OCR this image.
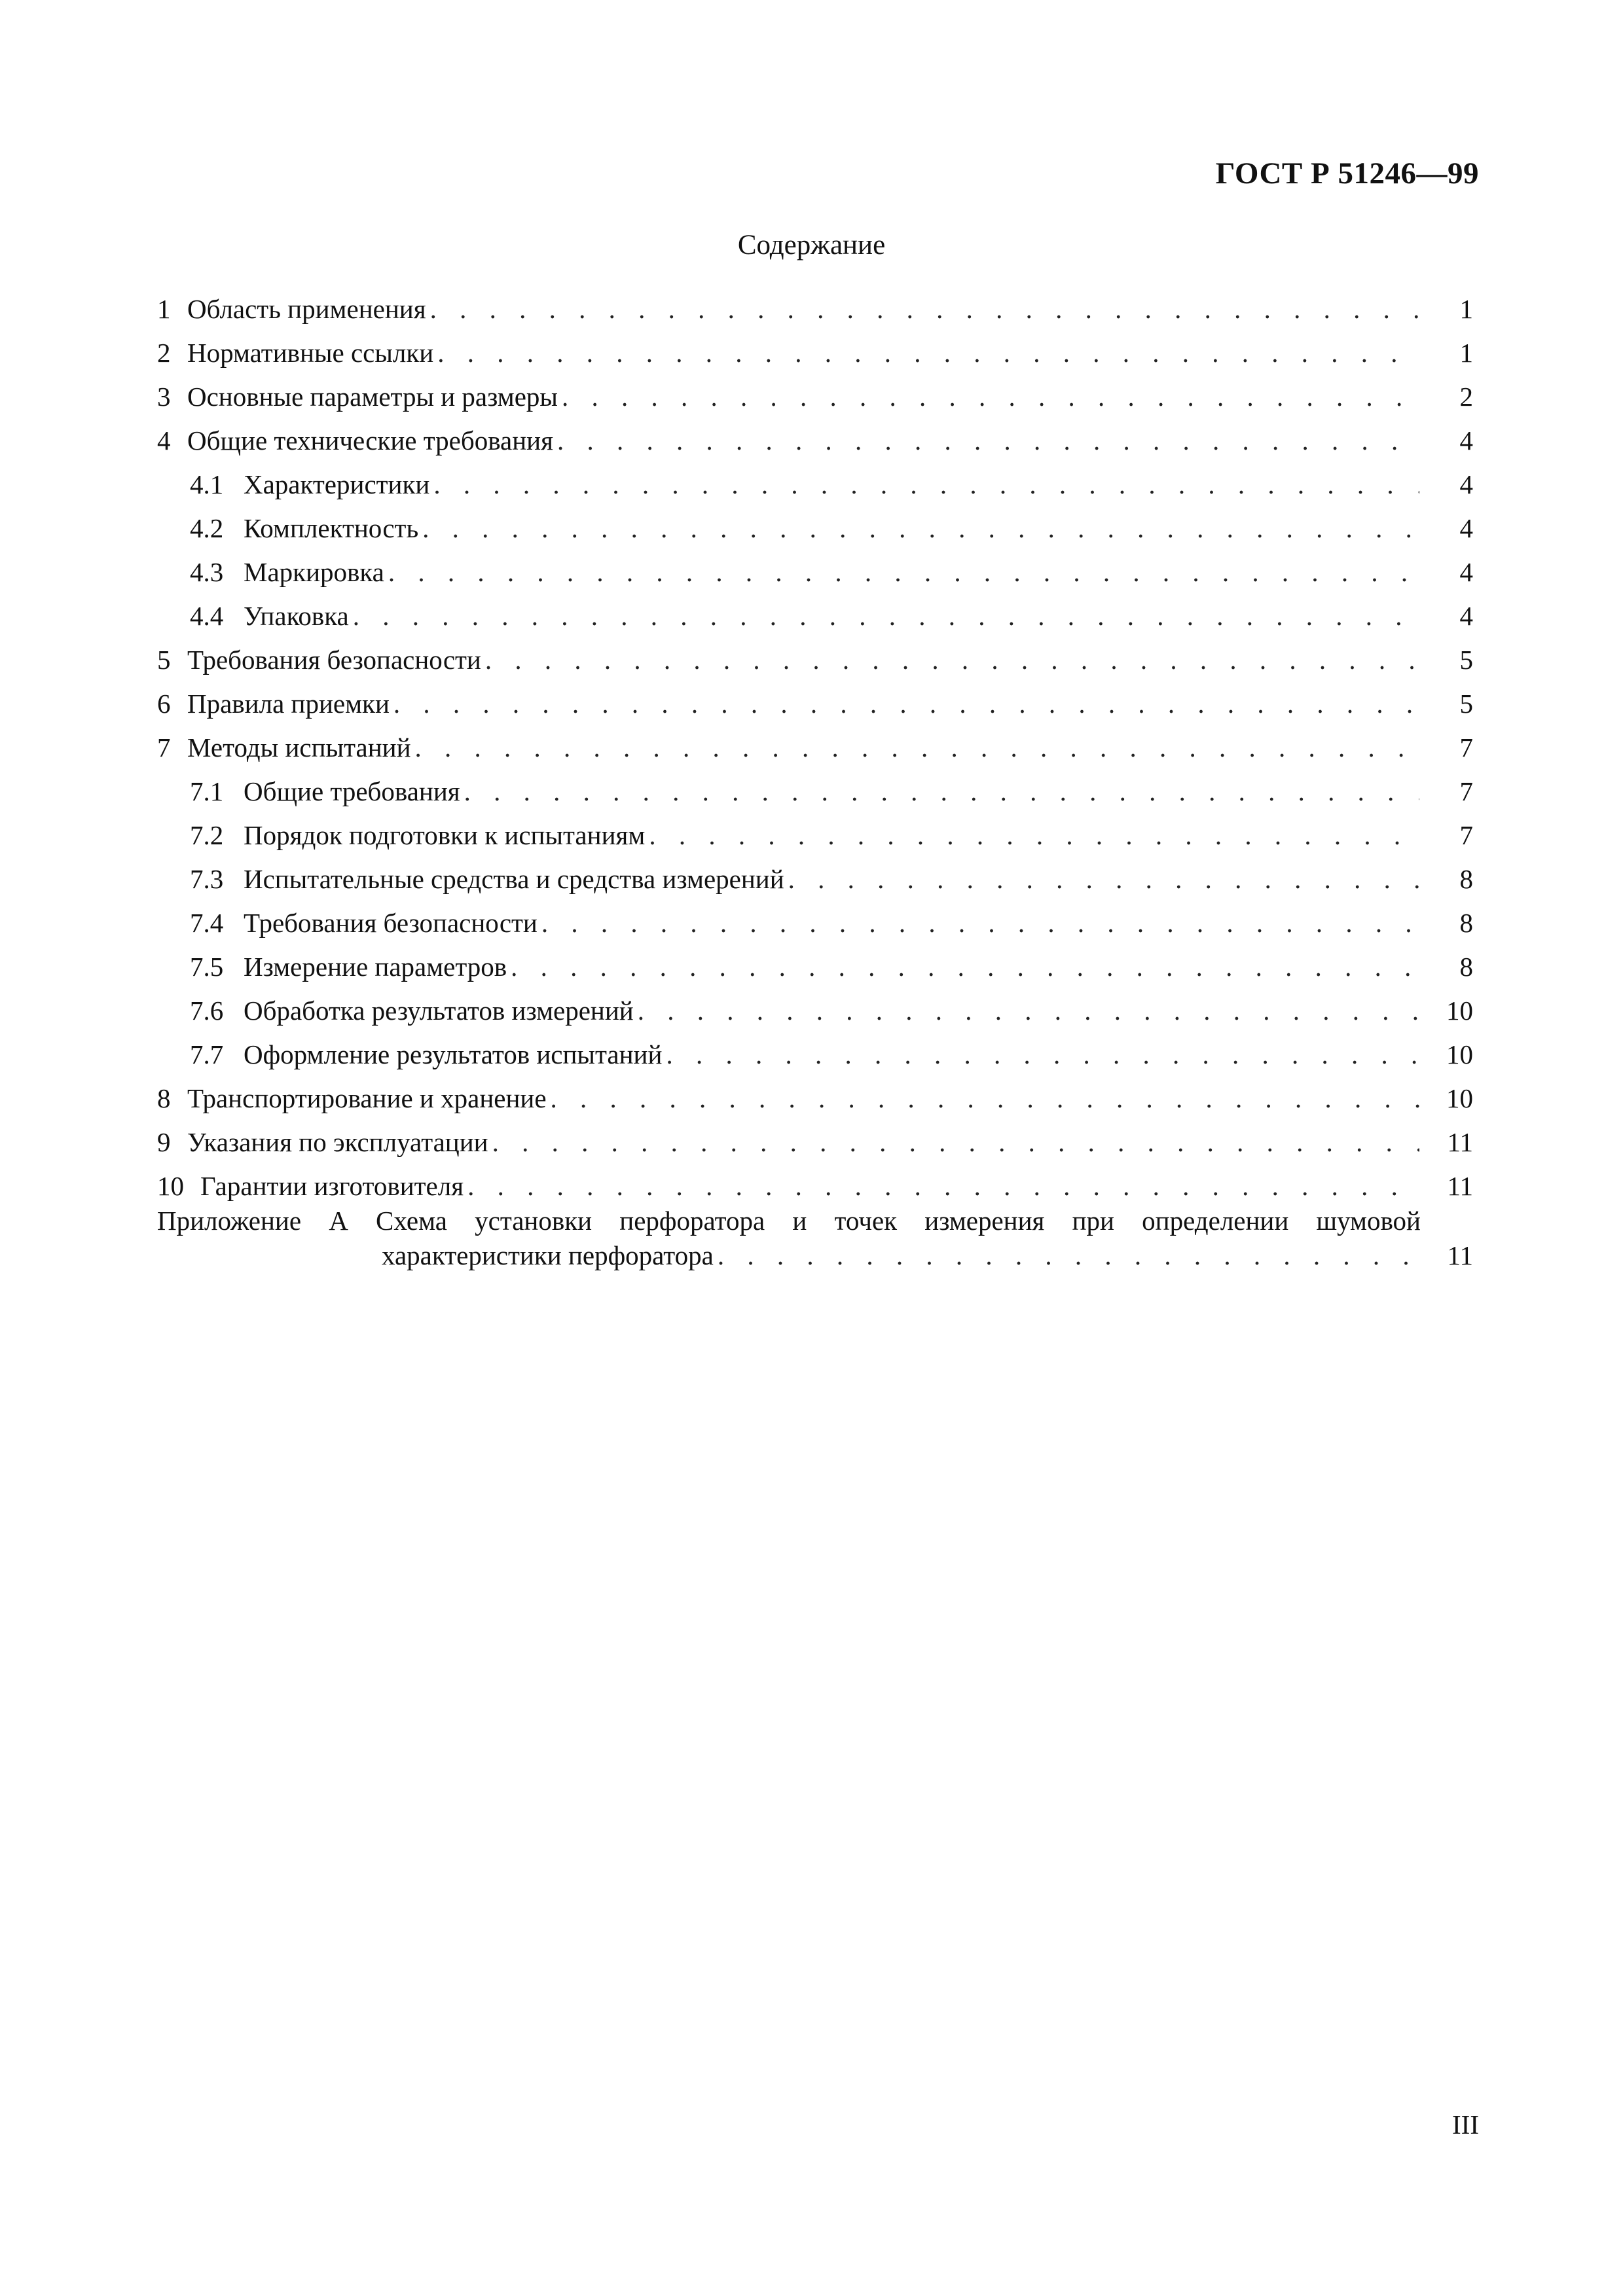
ГОСТ Р 51246—99
Содержание
1 Область применения . . .	1
2 Нормативные ссылки . . .	1
3 Основные параметры и размеры . . .	2
4 Общие технические требования . . .	4
4.1 Характеристики . . .	4
4.2 Комплектность . . .	4
4.3 Маркировка . . .	4
4.4 Упаковка . . .	4
5 Требования безопасности . . .	5
6 Правила приемки . . .	5
7 Методы испытаний . . .	7
7.1 Общие требования . . .	7
7.2 Порядок подготовки к испытаниям . . .	7
7.3 Испытательные средства и средства измерений . . .	8
7.4 Требования безопасности . . .	8
7.5 Измерение параметров . . .	8
7.6 Обработка результатов измерений . . .	10
7.7 Оформление результатов испытаний . . .	10
8 Транспортирование и хранение . . .	10
9 Указания по эксплуатации . . .	11
10 Гарантии изготовителя . . .	11
Приложение А Схема установки перфоратора и точек измерения при определении шумовой
характеристики перфоратора . . .	11
III
